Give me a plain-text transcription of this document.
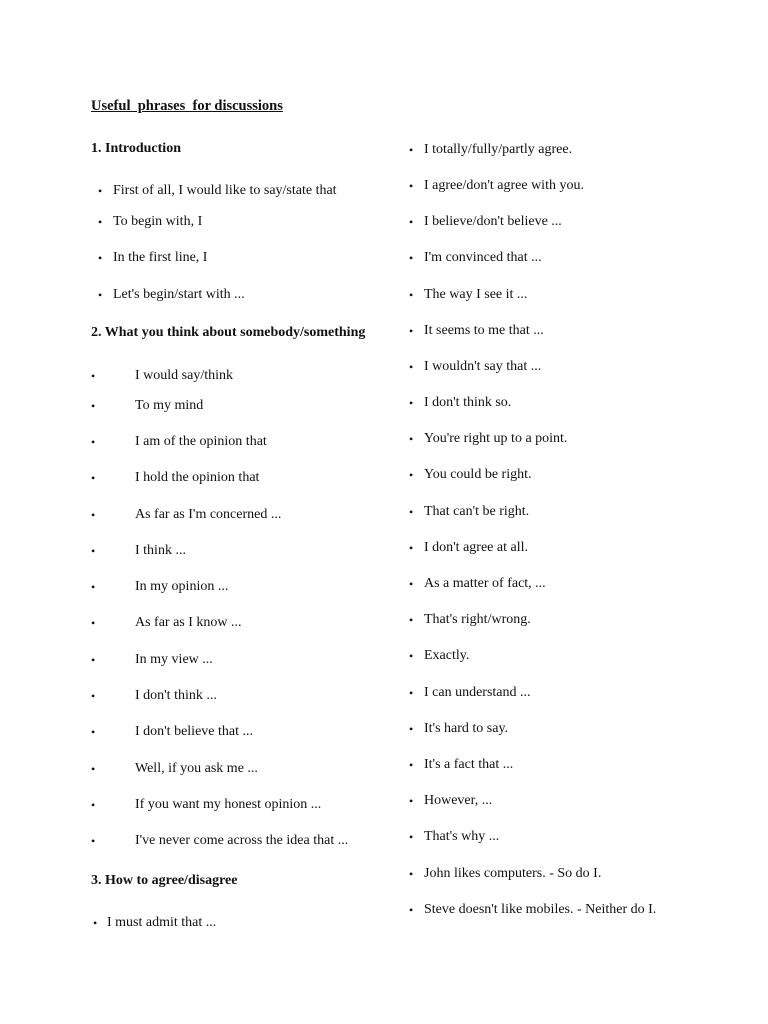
Useful  phrases  for discussions
1. Introduction
• First of all, I would like to say/state that
• To begin with, I
• In the first line, I
• Let's begin/start with ...
2. What you think about somebody/something
•	I would say/think
•	To my mind
•	I am of the opinion that
•	I hold the opinion that
•	As far as I'm concerned ...
•	I think ...
•	In my opinion ...
•	As far as I know ...
•	In my view ...
•	I don't think ...
•	I don't believe that ...
•	Well, if you ask me ...
•	If you want my honest opinion ...
•	I've never come across the idea that ...
3. How to agree/disagree
• I must admit that ...
• I totally/fully/partly agree.
• I agree/don't agree with you.
• I believe/don't believe ...
• I'm convinced that ...
• The way I see it ...
• It seems to me that ...
• I wouldn't say that ...
• I don't think so.
• You're right up to a point.
• You could be right.
• That can't be right.
• I don't agree at all.
• As a matter of fact, ...
• That's right/wrong.
• Exactly.
• I can understand ...
• It's hard to say.
• It's a fact that ...
• However, ...
• That's why ...
• John likes computers. - So do I.
• Steve doesn't like mobiles. - Neither do I.
